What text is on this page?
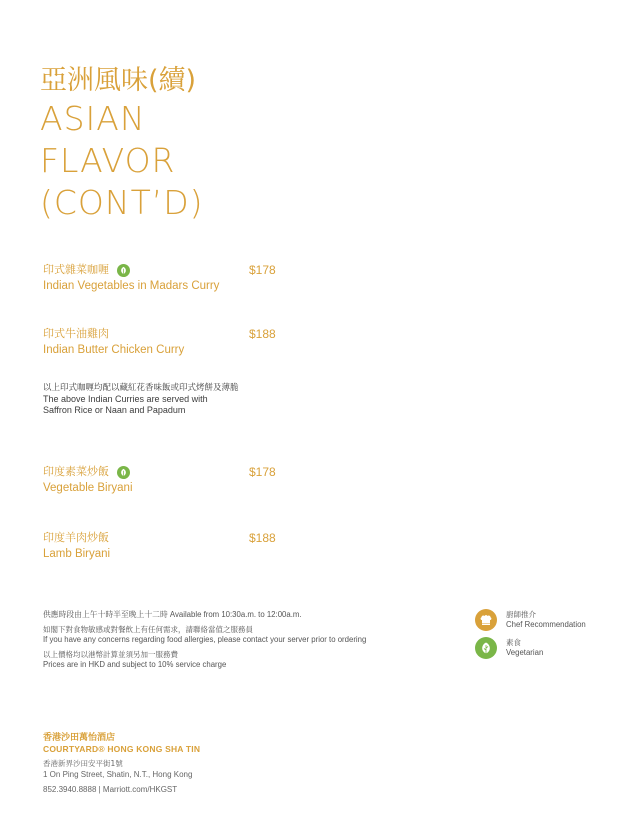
亞洲風味(續)
ASIAN
FLAVOR
(CONT’D)
印式雜菜咖喱
Indian Vegetables in Madars Curry
$178
印式牛油雞肉
Indian Butter Chicken Curry
$188
以上印式咖喱均配以藏紅花香味飯或印式烤餅及薄脆
The above Indian Curries are served with
Saffron Rice or Naan and Papadum
印度素菜炒飯
Vegetable Biryani
$178
印度羊肉炒飯
Lamb Biryani
$188
供應時段由上午十時半至晚上十二時 Available from 10:30a.m. to 12:00a.m.
如閣下對食物敏感或對餐飲上有任何需求，請聯絡當值之服務員
If you have any concerns regarding food allergies, please contact your server prior to ordering
以上價格均以港幣計算並須另加一服務費
Prices are in HKD and subject to 10% service charge
廚師推介
Chef Recommendation
素食
Vegetarian
香港沙田萬怡酒店
COURTYARD® HONG KONG SHA TIN
香港新界沙田安平街1號
1 On Ping Street, Shatin, N.T., Hong Kong
852.3940.8888 | Marriott.com/HKGST
